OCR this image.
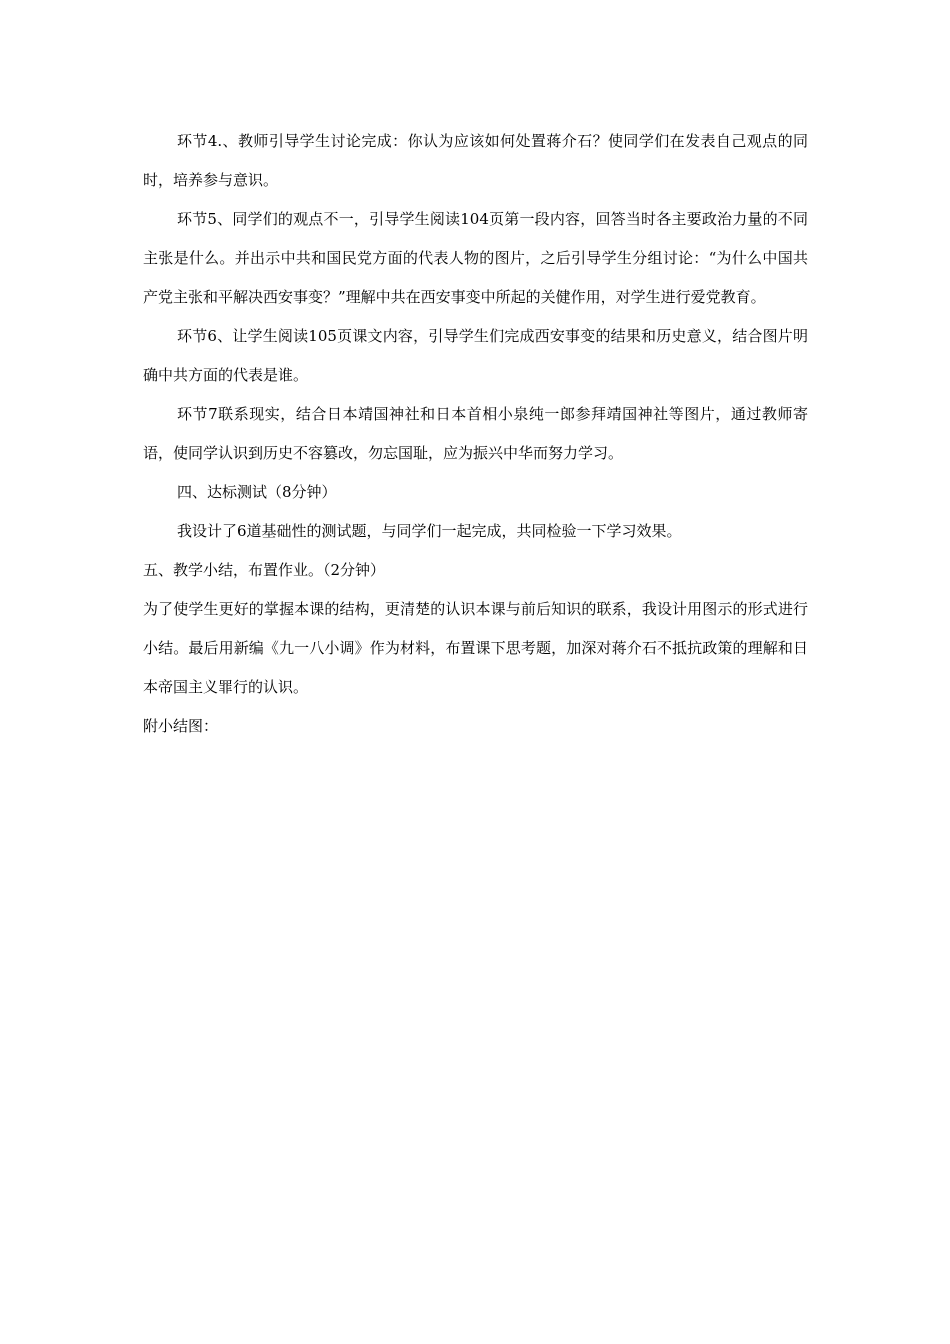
环节4.、教师引导学生讨论完成：你认为应该如何处置蒋介石？使同学们在发表自己观点的同时，培养参与意识。

环节5、同学们的观点不一，引导学生阅读104页第一段内容，回答当时各主要政治力量的不同主张是什么。并出示中共和国民党方面的代表人物的图片，之后引导学生分组讨论：“为什么中国共产党主张和平解决西安事变？”理解中共在西安事变中所起的关健作用，对学生进行爱党教育。

环节6、让学生阅读105页课文内容，引导学生们完成西安事变的结果和历史意义，结合图片明确中共方面的代表是谁。

环节7联系现实，结合日本靖国神社和日本首相小泉纯一郎参拜靖国神社等图片，通过教师寄语，使同学认识到历史不容篡改，勿忘国耻，应为振兴中华而努力学习。

四、达标测试（8分钟）

我设计了6道基础性的测试题，与同学们一起完成，共同检验一下学习效果。

五、教学小结，布置作业。（2分钟）

为了使学生更好的掌握本课的结构，更清楚的认识本课与前后知识的联系，我设计用图示的形式进行小结。最后用新编《九一八小调》作为材料，布置课下思考题，加深对蒋介石不抵抗政策的理解和日本帝国主义罪行的认识。

附小结图：
